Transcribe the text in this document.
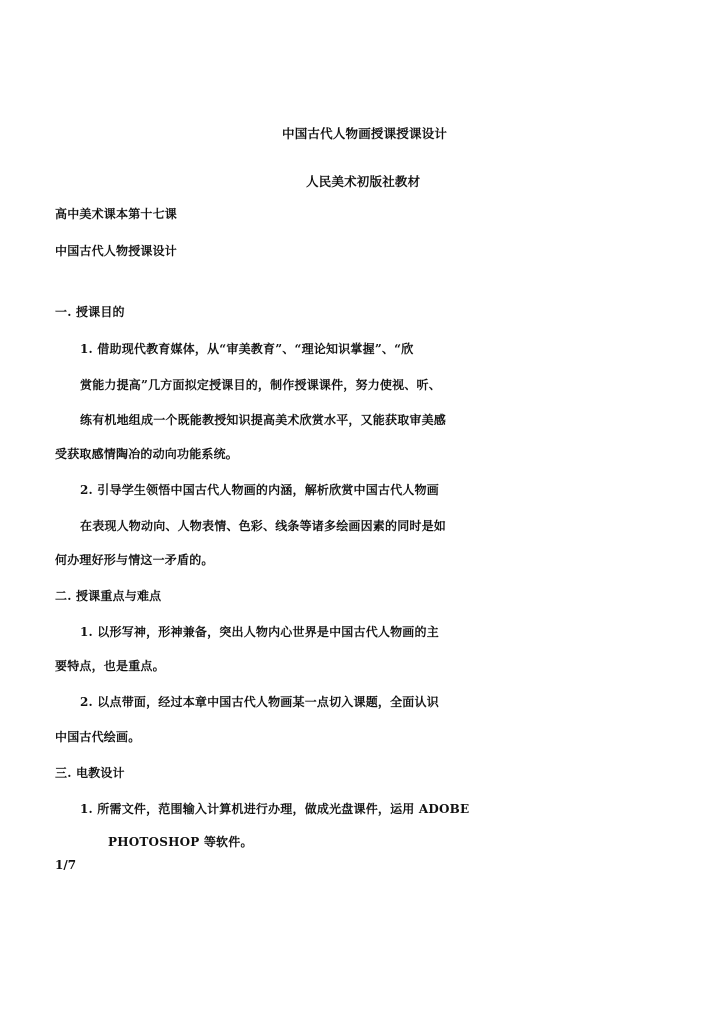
中国古代人物画授课授课设计
人民美术初版社教材
高中美术课本第十七课
中国古代人物授课设计
一. 授课目的
1. 借助现代教育媒体，从“审美教育”、“理论知识掌握”、“欣
赏能力提高”几方面拟定授课目的，制作授课课件，努力使视、听、
练有机地组成一个既能教授知识提高美术欣赏水平，又能获取审美感
受获取感情陶冶的动向功能系统。
2. 引导学生领悟中国古代人物画的内涵，解析欣赏中国古代人物画
在表现人物动向、人物表情、色彩、线条等诸多绘画因素的同时是如
何办理好形与情这一矛盾的。
二. 授课重点与难点
1. 以形写神，形神兼备，突出人物内心世界是中国古代人物画的主
要特点，也是重点。
2. 以点带面，经过本章中国古代人物画某一点切入课题，全面认识
中国古代绘画。
三. 电教设计
1. 所需文件，范围输入计算机进行办理，做成光盘课件，运用 ADOBE
PHOTOSHOP 等软件。
1/7
